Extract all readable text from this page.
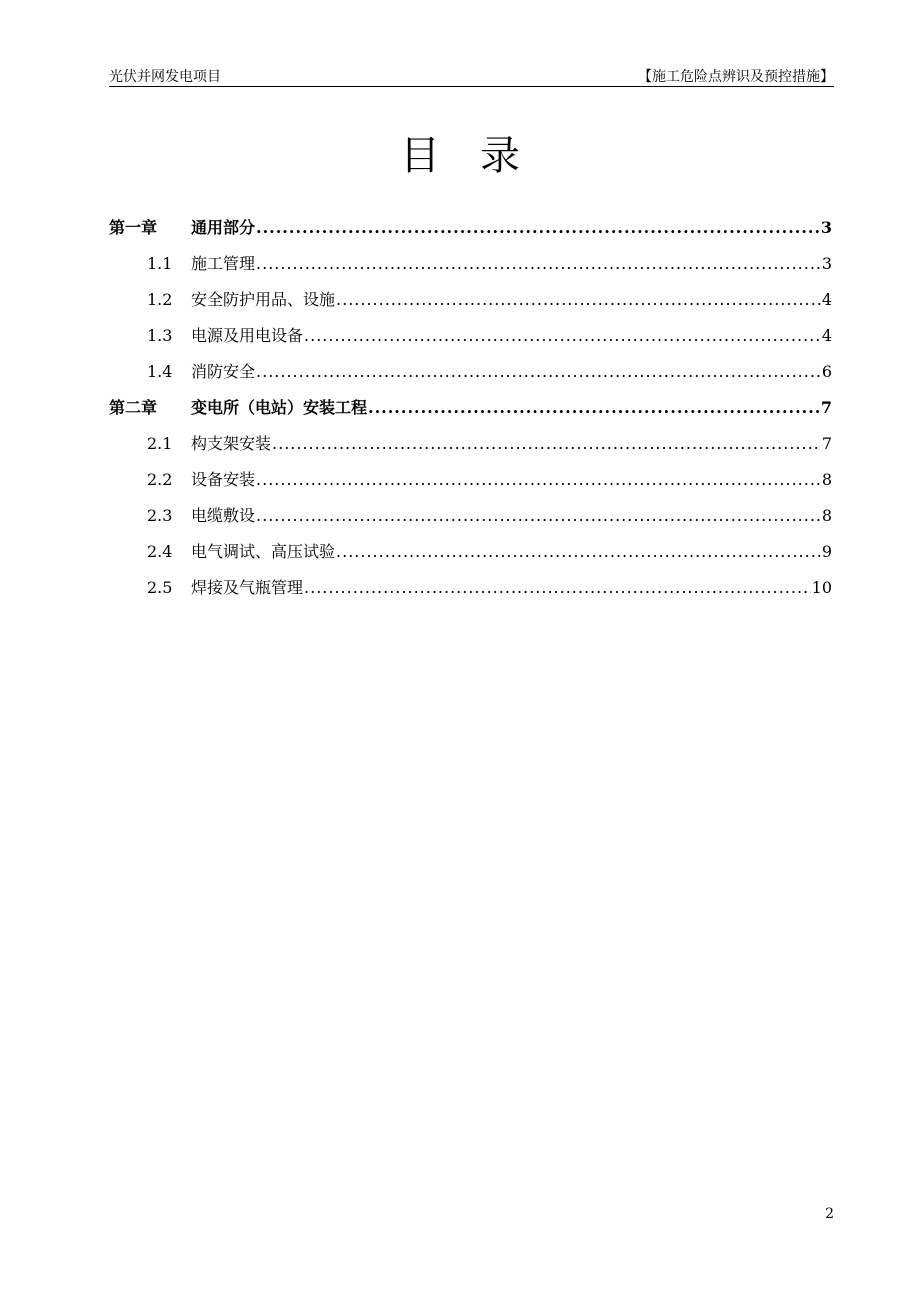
光伏并网发电项目	【施工危险点辨识及预控措施】
目 录
第一章 通用部分 .....	3
1.1 施工管理 .....	3
1.2 安全防护用品、设施 .....	4
1.3 电源及用电设备 .....	4
1.4 消防安全 .....	6
第二章 变电所（电站）安装工程 .....	7
2.1 构支架安装 .....	7
2.2 设备安装 .....	8
2.3 电缆敷设 .....	8
2.4 电气调试、高压试验 .....	9
2.5 焊接及气瓶管理 .....	10
2
